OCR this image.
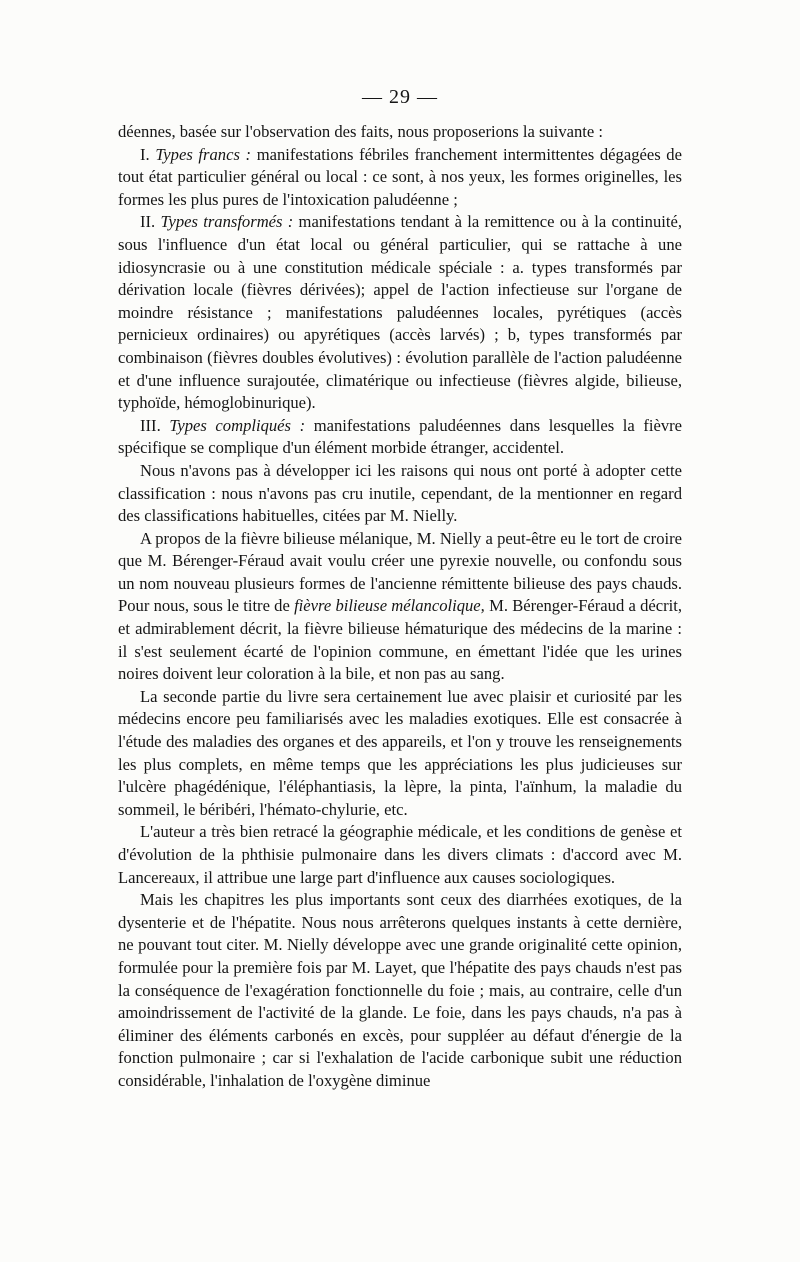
— 29 —

déennes, basée sur l'observation des faits, nous proposerions la suivante :

I. Types francs : manifestations fébriles franchement intermittentes dégagées de tout état particulier général ou local : ce sont, à nos yeux, les formes originelles, les formes les plus pures de l'intoxication paludéenne ;

II. Types transformés : manifestations tendant à la remittence ou à la continuité, sous l'influence d'un état local ou général particulier, qui se rattache à une idiosyncrasie ou à une constitution médicale spéciale : a. types transformés par dérivation locale (fièvres dérivées); appel de l'action infectieuse sur l'organe de moindre résistance ; manifestations paludéennes locales, pyrétiques (accès pernicieux ordinaires) ou apyrétiques (accès larvés) ; b, types transformés par combinaison (fièvres doubles évolutives) : évolution parallèle de l'action paludéenne et d'une influence surajoutée, climatérique ou infectieuse (fièvres algide, bilieuse, typhoïde, hémoglobinurique).

III. Types compliqués : manifestations paludéennes dans lesquelles la fièvre spécifique se complique d'un élément morbide étranger, accidentel.

Nous n'avons pas à développer ici les raisons qui nous ont porté à adopter cette classification : nous n'avons pas cru inutile, cependant, de la mentionner en regard des classifications habituelles, citées par M. Nielly.

A propos de la fièvre bilieuse mélanique, M. Nielly a peut-être eu le tort de croire que M. Bérenger-Féraud avait voulu créer une pyrexie nouvelle, ou confondu sous un nom nouveau plusieurs formes de l'ancienne rémittente bilieuse des pays chauds. Pour nous, sous le titre de fièvre bilieuse mélancolique, M. Bérenger-Féraud a décrit, et admirablement décrit, la fièvre bilieuse hématurique des médecins de la marine : il s'est seulement écarté de l'opinion commune, en émettant l'idée que les urines noires doivent leur coloration à la bile, et non pas au sang.

La seconde partie du livre sera certainement lue avec plaisir et curiosité par les médecins encore peu familiarisés avec les maladies exotiques. Elle est consacrée à l'étude des maladies des organes et des appareils, et l'on y trouve les renseignements les plus complets, en même temps que les appréciations les plus judicieuses sur l'ulcère phagédénique, l'éléphantiasis, la lèpre, la pinta, l'aïnhum, la maladie du sommeil, le béribéri, l'hémato-chylurie, etc.

L'auteur a très bien retracé la géographie médicale, et les conditions de genèse et d'évolution de la phthisie pulmonaire dans les divers climats : d'accord avec M. Lancereaux, il attribue une large part d'influence aux causes sociologiques.

Mais les chapitres les plus importants sont ceux des diarrhées exotiques, de la dysenterie et de l'hépatite. Nous nous arrêterons quelques instants à cette dernière, ne pouvant tout citer. M. Nielly développe avec une grande originalité cette opinion, formulée pour la première fois par M. Layet, que l'hépatite des pays chauds n'est pas la conséquence de l'exagération fonctionnelle du foie ; mais, au contraire, celle d'un amoindrissement de l'activité de la glande. Le foie, dans les pays chauds, n'a pas à éliminer des éléments carbonés en excès, pour suppléer au défaut d'énergie de la fonction pulmonaire ; car si l'exhalation de l'acide carbonique subit une réduction considérable, l'inhalation de l'oxygène diminue
